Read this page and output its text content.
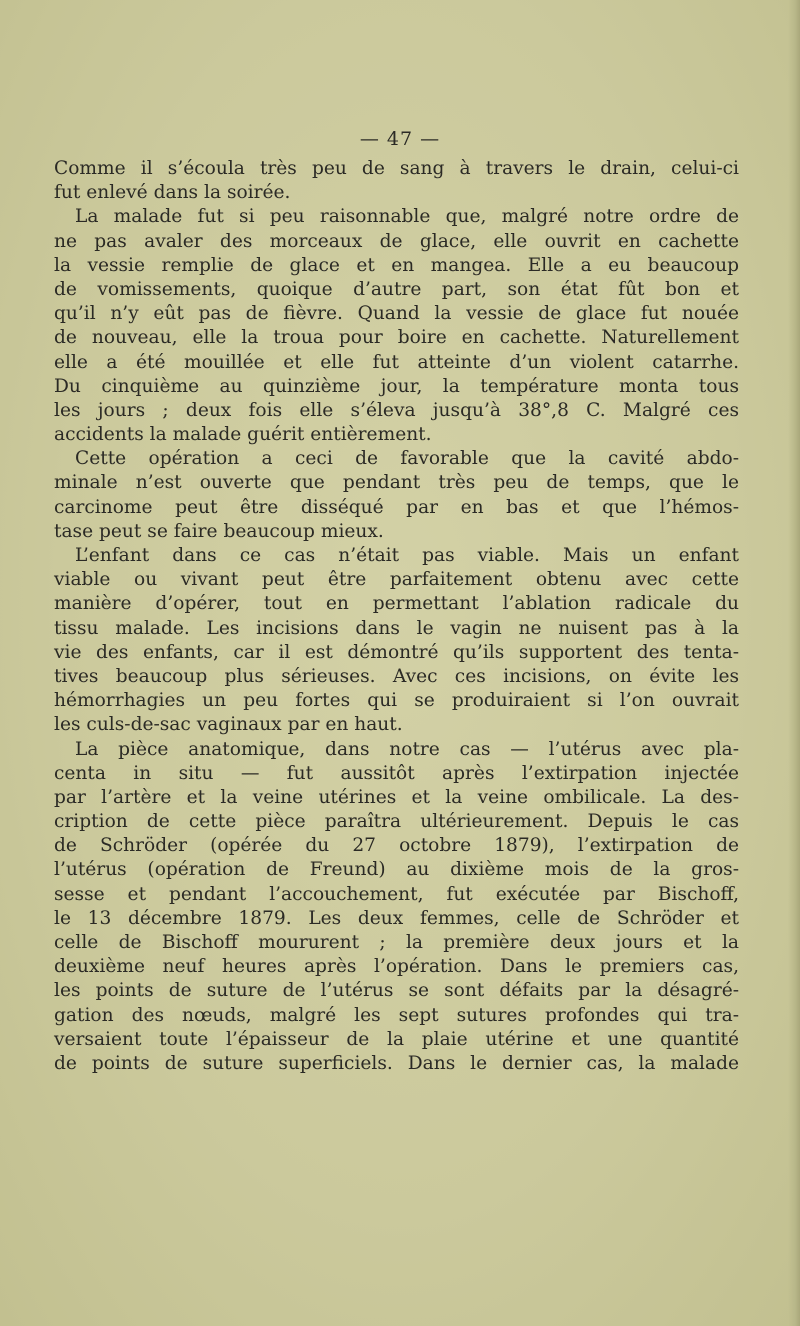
— 47 —
Comme il s’écoula très peu de sang à travers le drain, celui-ci
fut enlevé dans la soirée.
La malade fut si peu raisonnable que, malgré notre ordre de
ne pas avaler des morceaux de glace, elle ouvrit en cachette
la vessie remplie de glace et en mangea. Elle a eu beaucoup
de vomissements, quoique d’autre part, son état fût bon et
qu’il n’y eût pas de fièvre. Quand la vessie de glace fut nouée
de nouveau, elle la troua pour boire en cachette. Naturellement
elle a été mouillée et elle fut atteinte d’un violent catarrhe.
Du cinquième au quinzième jour, la température monta tous
les jours ; deux fois elle s’éleva jusqu’à 38°,8 C. Malgré ces
accidents la malade guérit entièrement.
Cette opération a ceci de favorable que la cavité abdo-
minale n’est ouverte que pendant très peu de temps, que le
carcinome peut être disséqué par en bas et que l’hémos-
tase peut se faire beaucoup mieux.
L’enfant dans ce cas n’était pas viable. Mais un enfant
viable ou vivant peut être parfaitement obtenu avec cette
manière d’opérer, tout en permettant l’ablation radicale du
tissu malade. Les incisions dans le vagin ne nuisent pas à la
vie des enfants, car il est démontré qu’ils supportent des tenta-
tives beaucoup plus sérieuses. Avec ces incisions, on évite les
hémorrhagies un peu fortes qui se produiraient si l’on ouvrait
les culs-de-sac vaginaux par en haut.
La pièce anatomique, dans notre cas — l’utérus avec pla-
centa in situ — fut aussitôt après l’extirpation injectée
par l’artère et la veine utérines et la veine ombilicale. La des-
cription de cette pièce paraîtra ultérieurement. Depuis le cas
de Schröder (opérée du 27 octobre 1879), l’extirpation de
l’utérus (opération de Freund) au dixième mois de la gros-
sesse et pendant l’accouchement, fut exécutée par Bischoff,
le 13 décembre 1879. Les deux femmes, celle de Schröder et
celle de Bischoff moururent ; la première deux jours et la
deuxième neuf heures après l’opération. Dans le premiers cas,
les points de suture de l’utérus se sont défaits par la désagré-
gation des nœuds, malgré les sept sutures profondes qui tra-
versaient toute l’épaisseur de la plaie utérine et une quantité
de points de suture superficiels. Dans le dernier cas, la malade
